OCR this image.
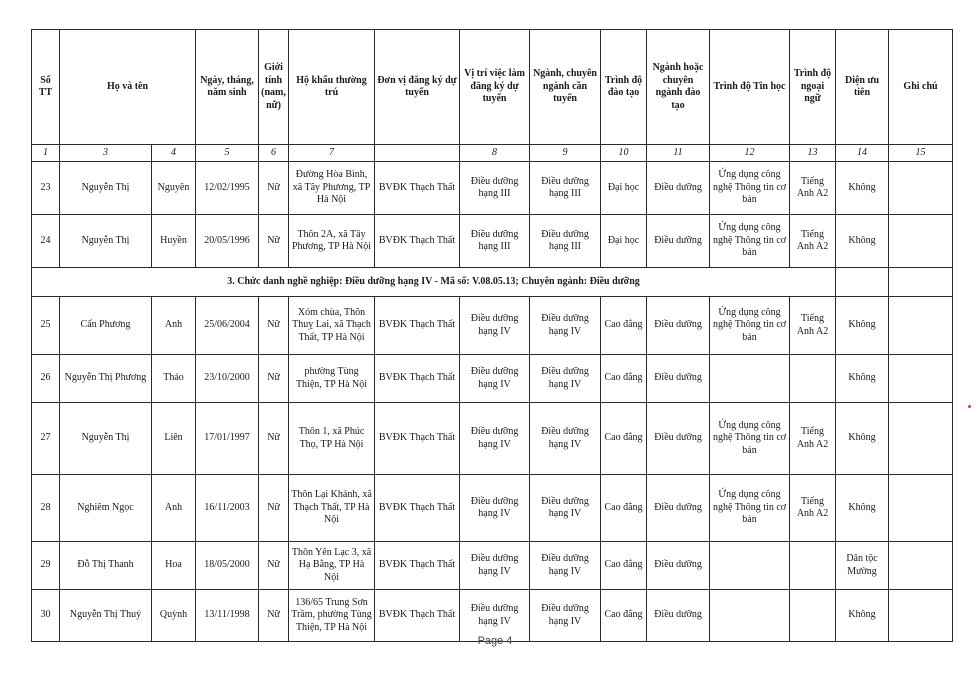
Số TT	Họ và tên		Ngày, tháng, năm sinh	Giới tính (nam, nữ)	Hộ khẩu thường trú	Đơn vị đăng ký dự tuyển	Vị trí việc làm đăng ký dự tuyển	Ngành, chuyên ngành cần tuyển	Trình độ đào tạo	Ngành hoặc chuyên ngành đào tạo	Trình độ Tin học	Trình độ ngoại ngữ	Diện ưu tiên	Ghi chú
1	3	4	5	6	7		8	9	10	11	12	13	14	15
23	Nguyễn Thị	Nguyên	12/02/1995	Nữ	Đường Hòa Bình, xã Tây Phương, TP Hà Nội	BVĐK Thạch Thất	Điều dưỡng hạng III	Điều dưỡng hạng III	Đại học	Điều dưỡng	Ứng dụng công nghệ Thông tin cơ bản	Tiếng Anh A2	Không	
24	Nguyễn Thị	Huyền	20/05/1996	Nữ	Thôn 2A, xã Tây Phương, TP Hà Nội	BVĐK Thạch Thất	Điều dưỡng hạng III	Điều dưỡng hạng III	Đại học	Điều dưỡng	Ứng dụng công nghệ Thông tin cơ bản	Tiếng Anh A2	Không	
3. Chức danh nghề nghiệp: Điều dưỡng hạng IV - Mã số: V.08.05.13; Chuyên ngành: Điều dưỡng														
25	Cấn Phương	Anh	25/06/2004	Nữ	Xóm chùa, Thôn Thuỵ Lai, xã Thạch Thất, TP Hà Nội	BVĐK Thạch Thất	Điều dưỡng hạng IV	Điều dưỡng hạng IV	Cao đẳng	Điều dưỡng	Ứng dụng công nghệ Thông tin cơ bản	Tiếng Anh A2	Không	
26	Nguyễn Thị Phương	Thảo	23/10/2000	Nữ	phường Tùng Thiện, TP Hà Nội	BVĐK Thạch Thất	Điều dưỡng hạng IV	Điều dưỡng hạng IV	Cao đẳng	Điều dưỡng			Không	
27	Nguyễn Thị	Liên	17/01/1997	Nữ	Thôn 1, xã Phúc Thọ, TP Hà Nội	BVĐK Thạch Thất	Điều dưỡng hạng IV	Điều dưỡng hạng IV	Cao đẳng	Điều dưỡng	Ứng dụng công nghệ Thông tin cơ bản	Tiếng Anh A2	Không	
28	Nghiêm Ngọc	Anh	16/11/2003	Nữ	Thôn Lại Khánh, xã Thạch Thất, TP Hà Nội	BVĐK Thạch Thất	Điều dưỡng hạng IV	Điều dưỡng hạng IV	Cao đẳng	Điều dưỡng	Ứng dụng công nghệ Thông tin cơ bản	Tiếng Anh A2	Không	
29	Đỗ Thị Thanh	Hoa	18/05/2000	Nữ	Thôn Yên Lạc 3, xã Hạ Bằng, TP Hà Nội	BVĐK Thạch Thất	Điều dưỡng hạng IV	Điều dưỡng hạng IV	Cao đẳng	Điều dưỡng			Dân tộc Mường	
30	Nguyễn Thị Thuý	Quỳnh	13/11/1998	Nữ	136/65 Trung Sơn Trầm, phường Tùng Thiện, TP Hà Nội	BVĐK Thạch Thất	Điều dưỡng hạng IV	Điều dưỡng hạng IV	Cao đẳng	Điều dưỡng			Không	
Page 4
